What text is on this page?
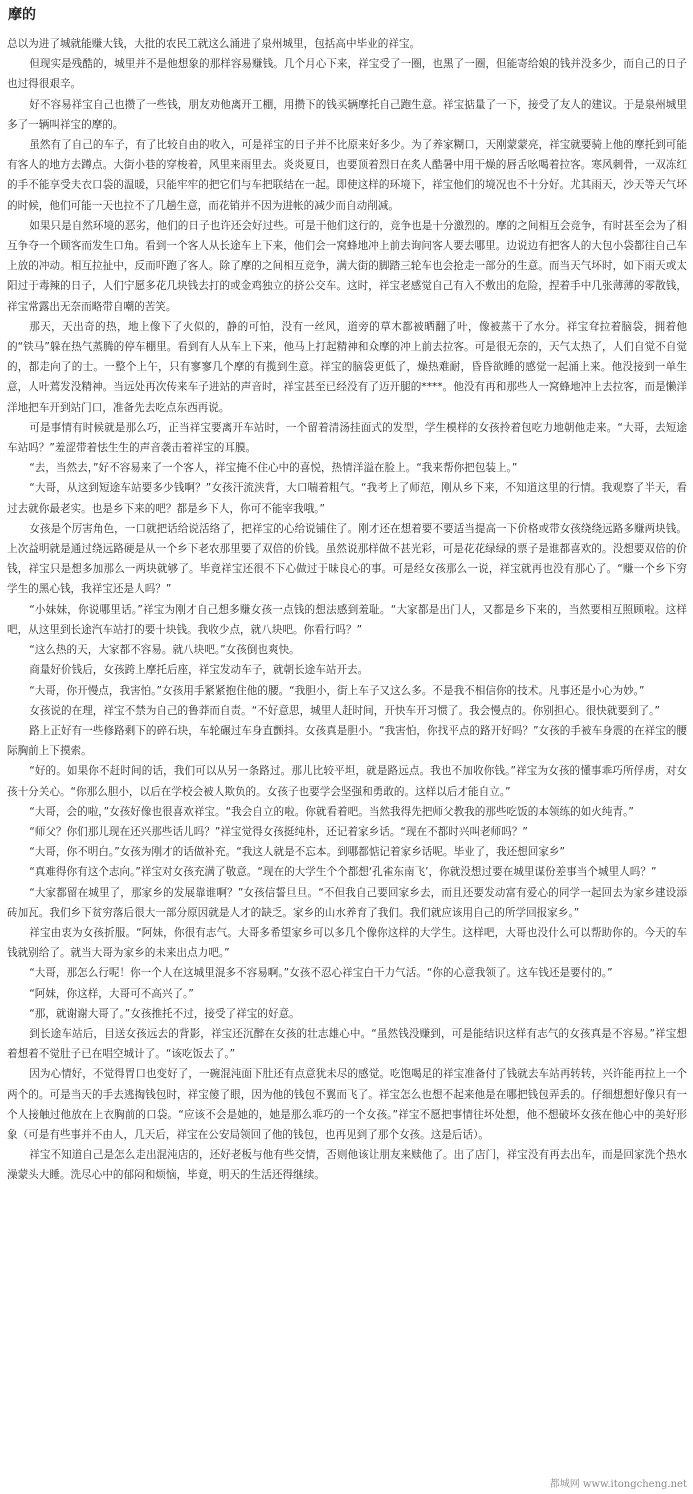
摩的

总以为进了城就能赚大钱，大批的农民工就这么涌进了泉州城里，包括高中毕业的祥宝。

但现实是残酷的，城里并不是他想象的那样容易赚钱。几个月心下来，祥宝受了一圈，也黑了一圈，但能寄给娘的钱并没多少，而自己的日子也过得很艰辛。

好不容易祥宝自己也攒了一些钱，朋友劝他离开工棚，用攒下的钱买辆摩托自己跑生意。祥宝掂量了一下，接受了友人的建议。于是泉州城里多了一辆叫祥宝的摩的。

虽然有了自己的车子，有了比较自由的收入，可是祥宝的日子并不比原来好多少。为了养家糊口，天刚蒙蒙亮，祥宝就要骑上他的摩托到可能有客人的地方去蹲点。大街小巷的穿梭着，风里来雨里去。炎炎夏日，也要顶着烈日在炙人酷暑中用干燥的唇舌吆喝着拉客。寒风刺骨，一双冻红的手不能享受夫衣口袋的温暖，只能牢牢的把它们与车把联结在一起。即使这样的环境下，祥宝他们的境况也不十分好。尤其雨天，沙天等天气坏的时候，他们可能一天也拉不了几趟生意，而花销并不因为进帐的减少而自动削减。

如果只是自然环境的恶劣，他们的日子也许还会好过些。可是干他们这行的，竞争也是十分激烈的。摩的之间相互会竞争，有时甚至会为了相互争夺一个顾客而发生口角。看到一个客人从长途车上下来，他们会一窝蜂地冲上前去询问客人要去哪里。边说边有把客人的大包小袋都往自己车上放的冲动。相互拉扯中，反而吓跑了客人。除了摩的之间相互竞争，满大街的脚踏三轮车也会抢走一部分的生意。而当天气坏时，如下雨天或太阳过于毒辣的日子，人们宁愿多花几块钱去打的或金鸡独立的挤公交车。这时，祥宝老感觉自己有入不敷出的危险，捏着手中几张薄薄的零散钱，祥宝常露出无奈而略带自嘲的苦笑。

那天，天出奇的热，地上像下了火似的，静的可怕，没有一丝风，道旁的草木都被晒翻了叶，像被蒸干了水分。祥宝耷拉着脑袋，拥着他的“铁马”躲在热气蒸腾的停车棚里。看到有人从车上下来，他马上打起精神和众摩的冲上前去拉客。可是很无奈的，天气太热了，人们自觉不自觉的，都走向了的士。一整个上午，只有寥寥几个摩的有揽到生意。祥宝的脑袋更低了，燥热难耐，昏昏欲睡的感觉一起涌上来。他没接到一单生意，人叶蔫发没精神。当远处再次传来车子进站的声音时，祥宝甚至已经没有了迈开腿的****。他没有再和那些人一窝蜂地冲上去拉客，而是懒洋洋地把车开到站门口，准备先去吃点东西再说。

可是事情有时候就是那么巧，正当祥宝要离开车站时，一个留着清汤挂面式的发型，学生模样的女孩拎着包吃力地朝他走来。“大哥，去短途车站吗？”羞涩带着怯生生的声音袭击着祥宝的耳膜。

“去，当然去，”好不容易来了一个客人，祥宝掩不住心中的喜悦，热情洋溢在脸上。“我来帮你把包装上。”

“大哥，从这到短途车站要多少钱啊？”女孩汗流浃背，大口喘着粗气。“我考上了师范，刚从乡下来，不知道这里的行情。我观察了半天，看过去就你最老实。也是乡下来的吧？都是乡下人，你可不能宰我哦。”

女孩是个厉害角色，一口就把话给说活络了，把祥宝的心给说铺住了。刚才还在想着要不要适当提高一下价格或带女孩绕绕远路多赚两块钱。上次益明就是通过绕远路硬是从一个乡下老农那里要了双倍的价钱。虽然说那样做不甚光彩，可是花花绿绿的票子是谁都喜欢的。没想要双倍的价钱，祥宝只是想多加那么一两块就够了。毕竟祥宝还很不下心做过于昧良心的事。可是经女孩那么一说，祥宝就再也没有那心了。“赚一个乡下穷学生的黑心钱，我祥宝还是人吗？”

“小妹妹，你说哪里话。”祥宝为刚才自己想多赚女孩一点钱的想法感到羞耻。“大家都是出门人，又都是乡下来的，当然要相互照顾啦。这样吧，从这里到长途汽车站打的要十块钱。我收少点，就八块吧。你看行吗？”

“这么热的天，大家都不容易。就八块吧。”女孩倒也爽快。

商量好价钱后，女孩跨上摩托后座，祥宝发动车子，就朝长途车站开去。

“大哥，你开慢点，我害怕。”女孩用手紧紧抱住他的腰。“我胆小，街上车子又这么多。不是我不相信你的技术。凡事还是小心为妙。”

女孩说的在理，祥宝不禁为自己的鲁莽而自责。“不好意思，城里人赶时间，开快车开习惯了。我会慢点的。你别担心。很快就要到了。”

路上正好有一些修路剩下的碎石块，车轮碾过车身直颤抖。女孩真是胆小。“我害怕，你找平点的路开好吗？”女孩的手被车身震的在祥宝的腰际胸前上下摸索。

“好的。如果你不赶时间的话，我们可以从另一条路过。那儿比较平坦，就是路远点。我也不加收你钱。”祥宝为女孩的懂事乖巧所俘虏，对女孩十分关心。“你那么胆小，以后在学校会被人欺负的。女孩子也要学会坚强和勇敢的。这样以后才能自立。”

“大哥，会的啦，”女孩好像也很喜欢祥宝。“我会自立的啦。你就看着吧。当然我得先把师父教我的那些吃饭的本领练的如火纯青。”

“师父？你们那儿现在还兴那些话儿吗？”祥宝觉得女孩挺纯朴，还记着家乡话。“现在不都时兴叫老师吗？”

“大哥，你不明白。”女孩为刚才的话做补充。“我这人就是不忘本。到哪都惦记着家乡话呢。毕业了，我还想回家乡”

“真难得你有这个志向。”祥宝对女孩充满了敬意。“现在的大学生个个都想‘孔雀东南飞’，你就没想过要在城里谋份差事当个城里人吗？”

“大家都留在城里了，那家乡的发展靠谁啊？”女孩信誓旦旦。“不但我自己要回家乡去，而且还要发动富有爱心的同学一起回去为家乡建设添砖加瓦。我们乡下贫穷落后很大一部分原因就是人才的缺乏。家乡的山水养育了我们。我们就应该用自己的所学回报家乡。”

祥宝由衷为女孩折服。“阿妹，你很有志气。大哥多希望家乡可以多几个像你这样的大学生。这样吧，大哥也没什么可以帮助你的。今天的车钱就别给了。就当大哥为家乡的未来出点力吧。”

“大哥，那怎么行呢！你一个人在这城里混多不容易啊。”女孩不忍心祥宝白干力气活。“你的心意我领了。这车钱还是要付的。”

“阿妹，你这样，大哥可不高兴了。”

“那，就谢谢大哥了。”女孩推托不过，接受了祥宝的好意。

到长途车站后，目送女孩远去的背影，祥宝还沉醉在女孩的壮志雄心中。“虽然钱没赚到，可是能结识这样有志气的女孩真是不容易。”祥宝想着想着不觉肚子已在唱空城计了。“该吃饭去了。”

因为心情好，不觉得胃口也变好了，一碗混沌面下肚还有点意犹未尽的感觉。吃饱喝足的祥宝准备付了钱就去车站再转转，兴许能再拉上一个两个的。可是当天的手去逃掏钱包时，祥宝傻了眼，因为他的钱包不翼而飞了。祥宝怎么也想不起来他是在哪把钱包弄丢的。仔细想想好像只有一个人接触过他放在上衣胸前的口袋。“应该不会是她的，她是那么乖巧的一个女孩。”祥宝不愿把事情往坏处想，他不想破坏女孩在他心中的美好形象（可是有些事并不由人，几天后，祥宝在公安局领回了他的钱包，也再见到了那个女孩。这是后话）。

祥宝不知道自己是怎么走出混沌店的，还好老板与他有些交情，否则他该让朋友来赎他了。出了店门，祥宝没有再去出车，而是回家洗个热水澡蒙头大睡。洗尽心中的郁闷和烦恼，毕竟，明天的生活还得继续。

都城网 www.itongcheng.net
